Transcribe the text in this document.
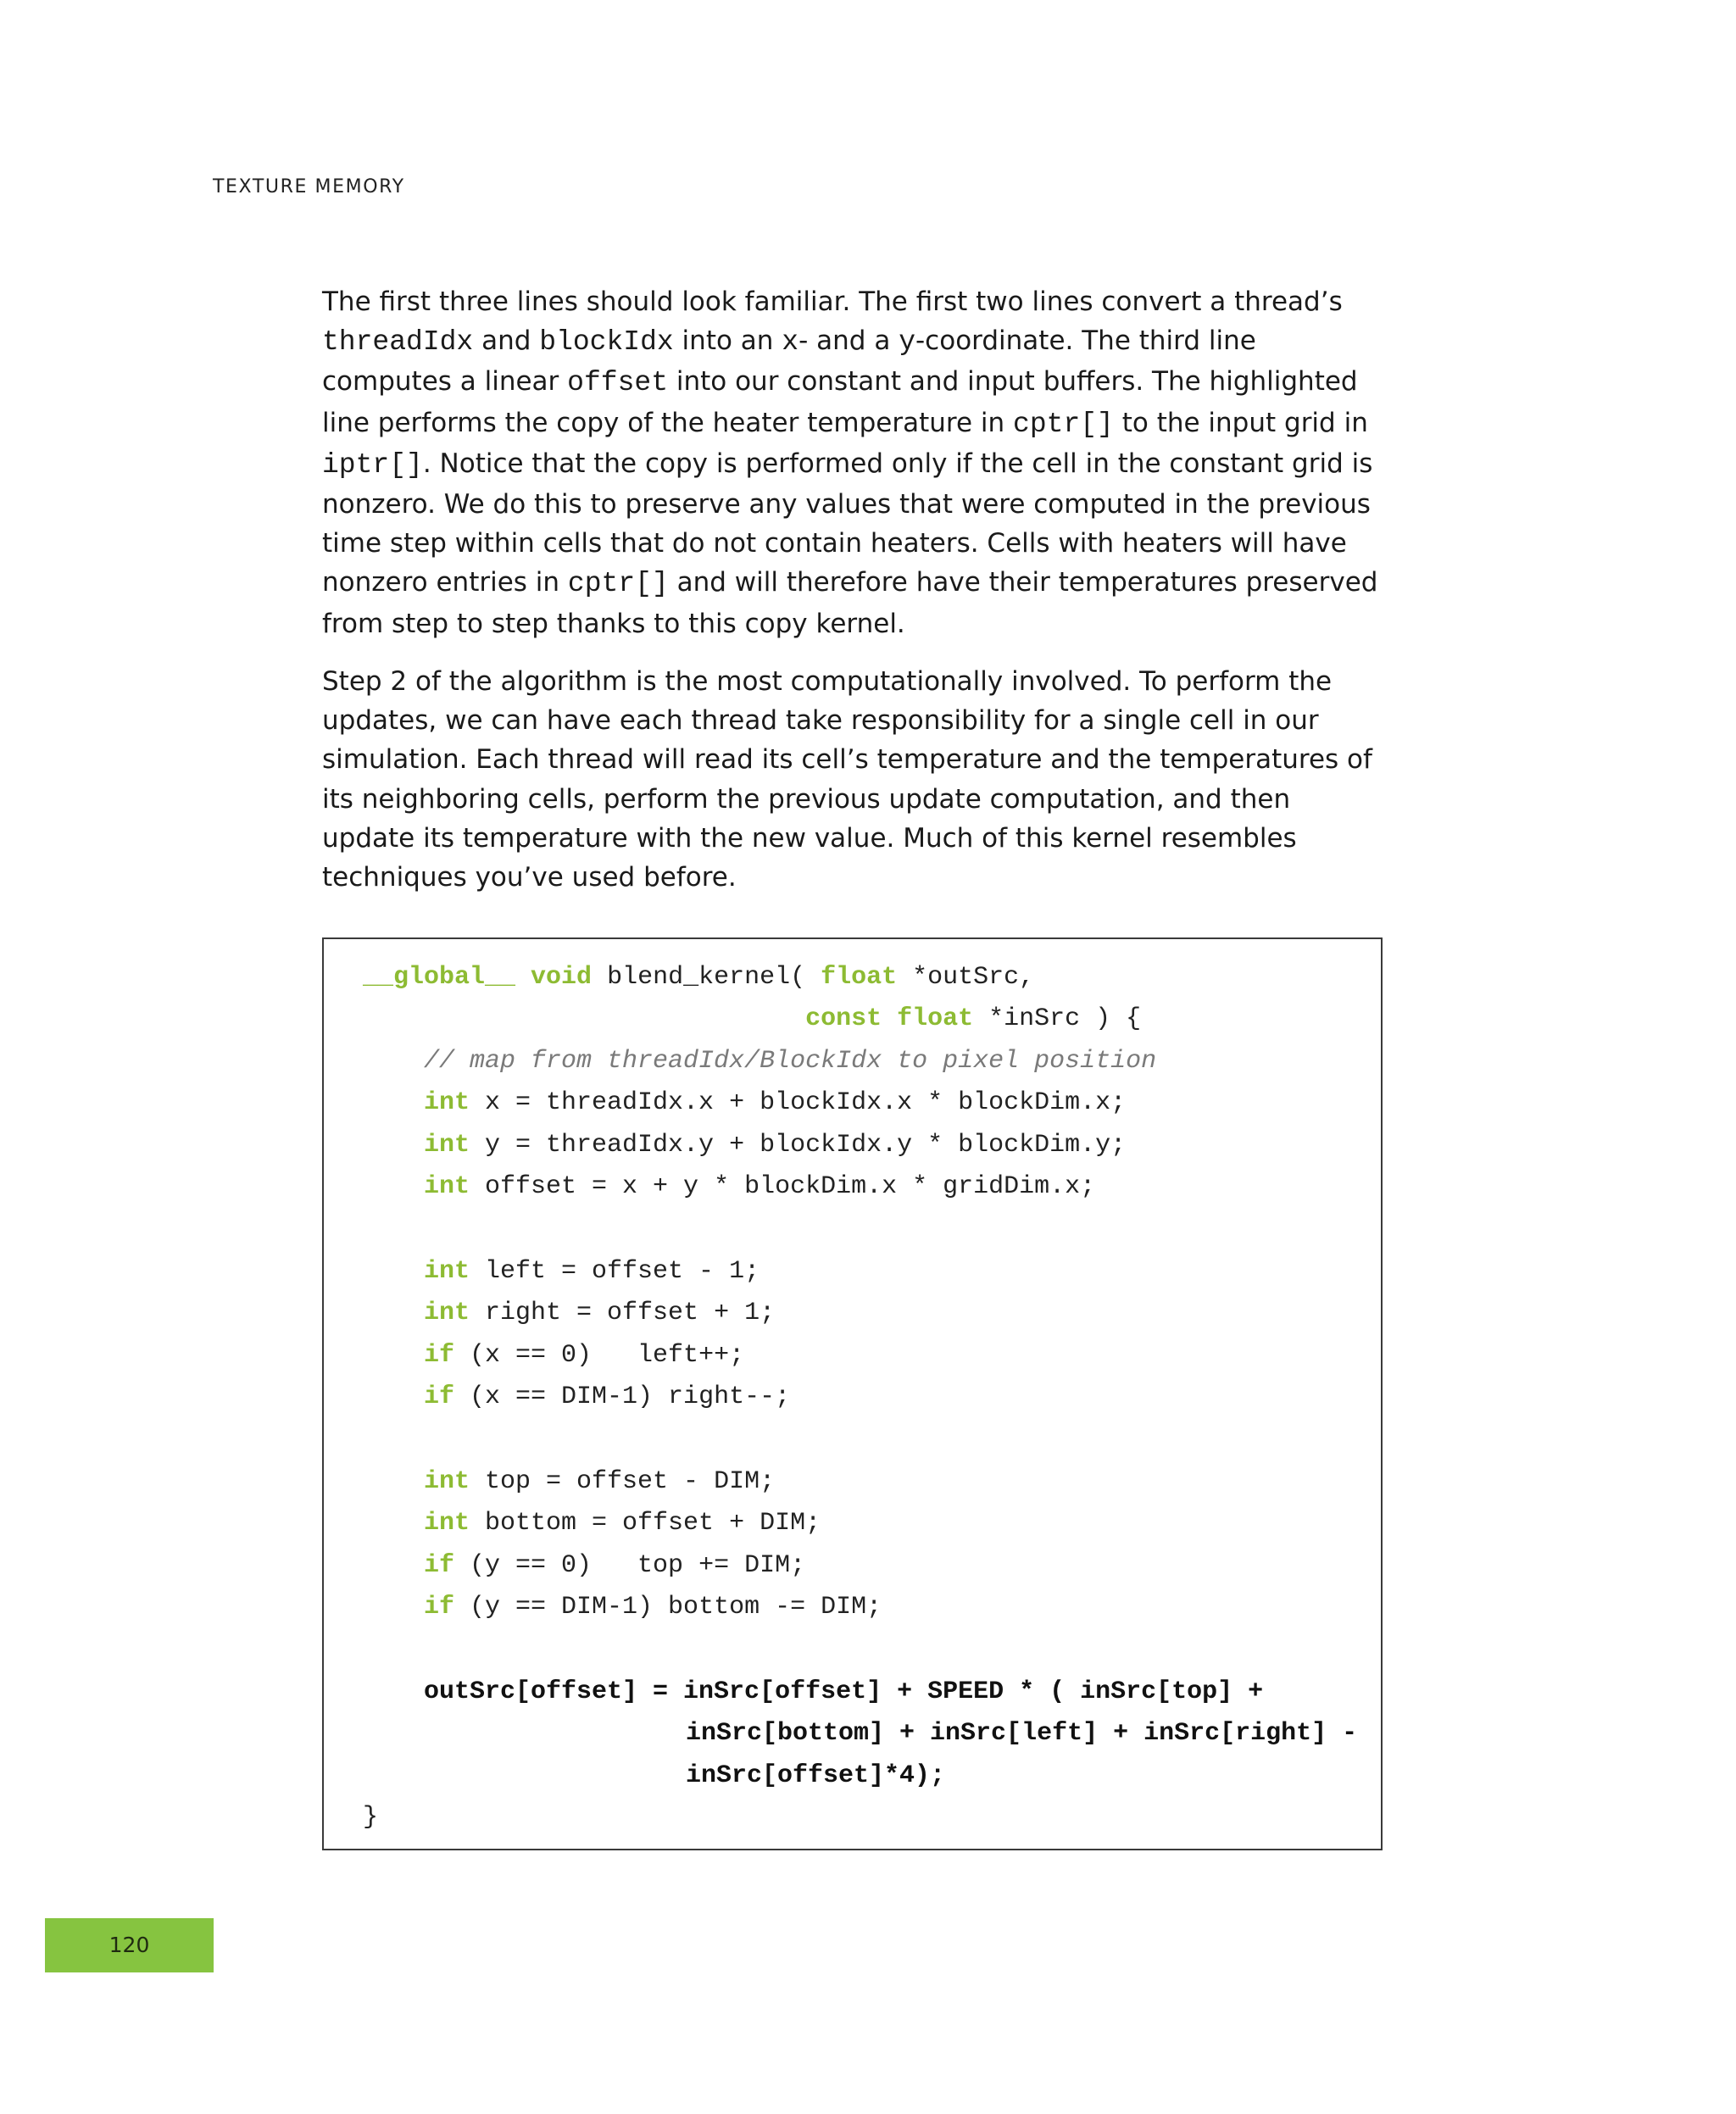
TEXTURE MEMORY

The first three lines should look familiar. The first two lines convert a thread’s threadIdx and blockIdx into an x- and a y-coordinate. The third line computes a linear offset into our constant and input buffers. The highlighted line performs the copy of the heater temperature in cptr[] to the input grid in iptr[]. Notice that the copy is performed only if the cell in the constant grid is nonzero. We do this to preserve any values that were computed in the previous time step within cells that do not contain heaters. Cells with heaters will have nonzero entries in cptr[] and will therefore have their temperatures preserved from step to step thanks to this copy kernel.

Step 2 of the algorithm is the most computationally involved. To perform the updates, we can have each thread take responsibility for a single cell in our simulation. Each thread will read its cell’s temperature and the temperatures of its neighboring cells, perform the previous update computation, and then update its temperature with the new value. Much of this kernel resembles techniques you’ve used before.

__global__ void blend_kernel( float *outSrc,
const float *inSrc ) {
// map from threadIdx/BlockIdx to pixel position
int x = threadIdx.x + blockIdx.x * blockDim.x;
int y = threadIdx.y + blockIdx.y * blockDim.y;
int offset = x + y * blockDim.x * gridDim.x;
int left = offset - 1;
int right = offset + 1;
if (x == 0)   left++;
if (x == DIM-1) right--;
int top = offset - DIM;
int bottom = offset + DIM;
if (y == 0)   top += DIM;
if (y == DIM-1) bottom -= DIM;
outSrc[offset] = inSrc[offset] + SPEED * ( inSrc[top] +
inSrc[bottom] + inSrc[left] + inSrc[right] -
inSrc[offset]*4);
}
120
